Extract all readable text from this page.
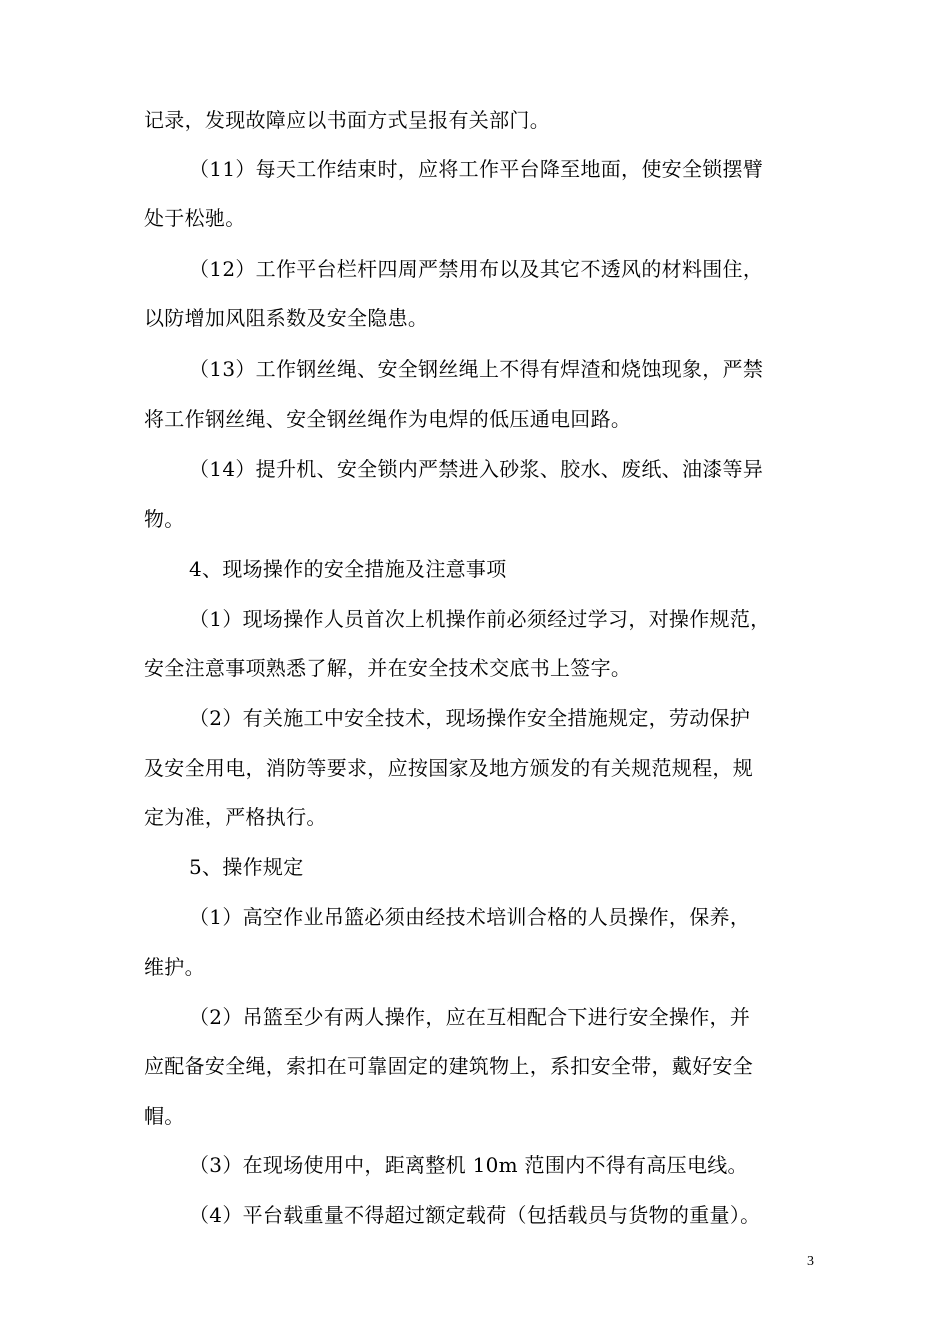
记录，发现故障应以书面方式呈报有关部门。
（11）每天工作结束时，应将工作平台降至地面，使安全锁摆臂
处于松驰。
（12）工作平台栏杆四周严禁用布以及其它不透风的材料围住，
以防增加风阻系数及安全隐患。
（13）工作钢丝绳、安全钢丝绳上不得有焊渣和烧蚀现象，严禁
将工作钢丝绳、安全钢丝绳作为电焊的低压通电回路。
（14）提升机、安全锁内严禁进入砂浆、胶水、废纸、油漆等异
物。
4、现场操作的安全措施及注意事项
（1）现场操作人员首次上机操作前必须经过学习，对操作规范，
安全注意事项熟悉了解，并在安全技术交底书上签字。
（2）有关施工中安全技术，现场操作安全措施规定，劳动保护
及安全用电，消防等要求，应按国家及地方颁发的有关规范规程，规
定为准，严格执行。
5、操作规定
（1）高空作业吊篮必须由经技术培训合格的人员操作，保养，
维护。
（2）吊篮至少有两人操作，应在互相配合下进行安全操作，并
应配备安全绳，索扣在可靠固定的建筑物上，系扣安全带，戴好安全
帽。
（3）在现场使用中，距离整机 10m 范围内不得有高压电线。
（4）平台载重量不得超过额定载荷（包括载员与货物的重量）。
3
